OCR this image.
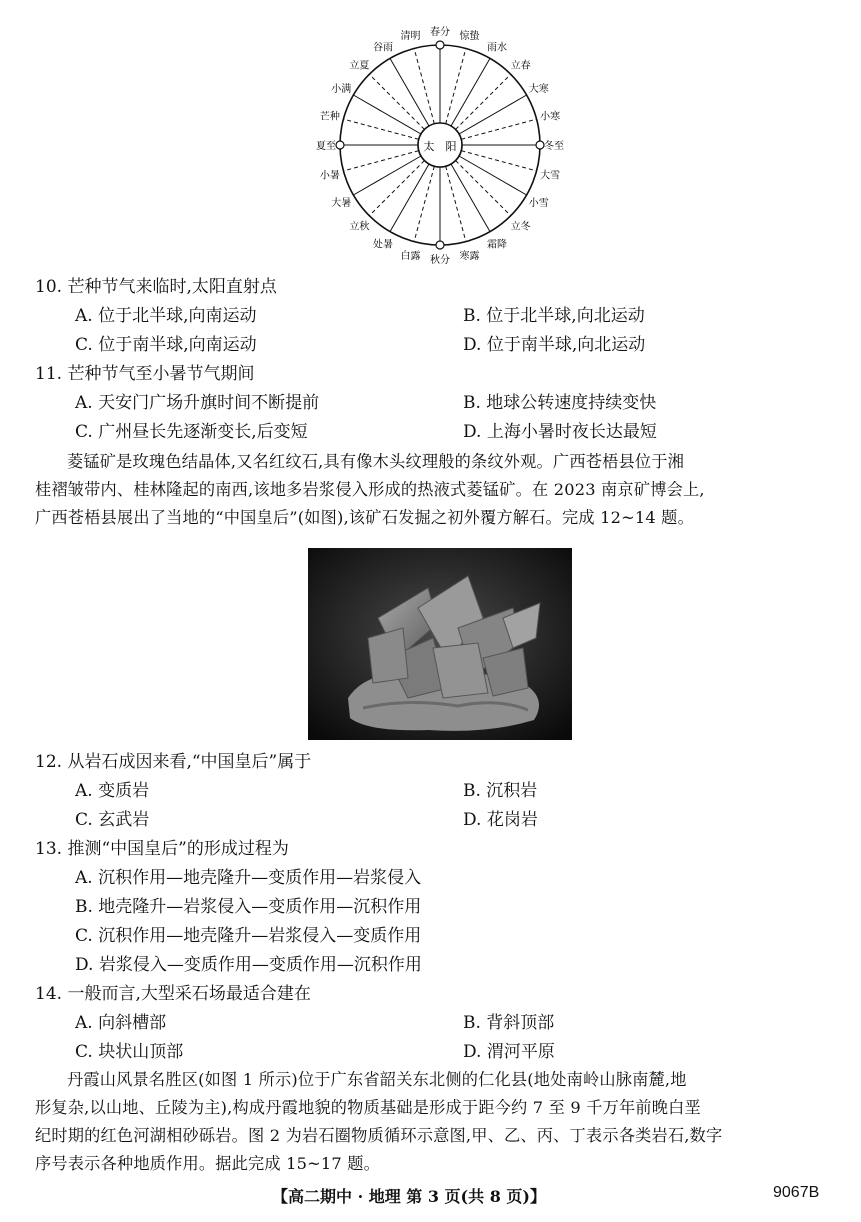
春分 惊蛰
雨水
立春
大寒
小寒
冬至
大雪
小雪
立冬
霜降
寒露
秋分
白露
处暑
立秋
大暑
小暑
夏至
芒种
小满
立夏
谷雨
清明
太 阳
10. 芒种节气来临时,太阳直射点
A. 位于北半球,向南运动	B. 位于北半球,向北运动
C. 位于南半球,向南运动	D. 位于南半球,向北运动
11. 芒种节气至小暑节气期间
A. 天安门广场升旗时间不断提前	B. 地球公转速度持续变快
C. 广州昼长先逐渐变长,后变短	D. 上海小暑时夜长达最短

菱锰矿是玫瑰色结晶体,又名红纹石,具有像木头纹理般的条纹外观。广西苍梧县位于湘

桂褶皱带内、桂林隆起的南西,该地多岩浆侵入形成的热液式菱锰矿。在 2023 南京矿博会上,

广西苍梧县展出了当地的“中国皇后”(如图),该矿石发掘之初外覆方解石。完成 12~14 题。

12. 从岩石成因来看,“中国皇后”属于
A. 变质岩	B. 沉积岩
C. 玄武岩	D. 花岗岩
13. 推测“中国皇后”的形成过程为
A. 沉积作用—地壳隆升—变质作用—岩浆侵入
B. 地壳隆升—岩浆侵入—变质作用—沉积作用
C. 沉积作用—地壳隆升—岩浆侵入—变质作用
D. 岩浆侵入—变质作用—变质作用—沉积作用
14. 一般而言,大型采石场最适合建在
A. 向斜槽部	B. 背斜顶部
C. 块状山顶部	D. 渭河平原

丹霞山风景名胜区(如图 1 所示)位于广东省韶关东北侧的仁化县(地处南岭山脉南麓,地

形复杂,以山地、丘陵为主),构成丹霞地貌的物质基础是形成于距今约 7 至 9 千万年前晚白垩

纪时期的红色河湖相砂砾岩。图 2 为岩石圈物质循环示意图,甲、乙、丙、丁表示各类岩石,数字

序号表示各种地质作用。据此完成 15~17 题。

【高二期中 · 地理 第 3 页(共 8 页)】	9067B
